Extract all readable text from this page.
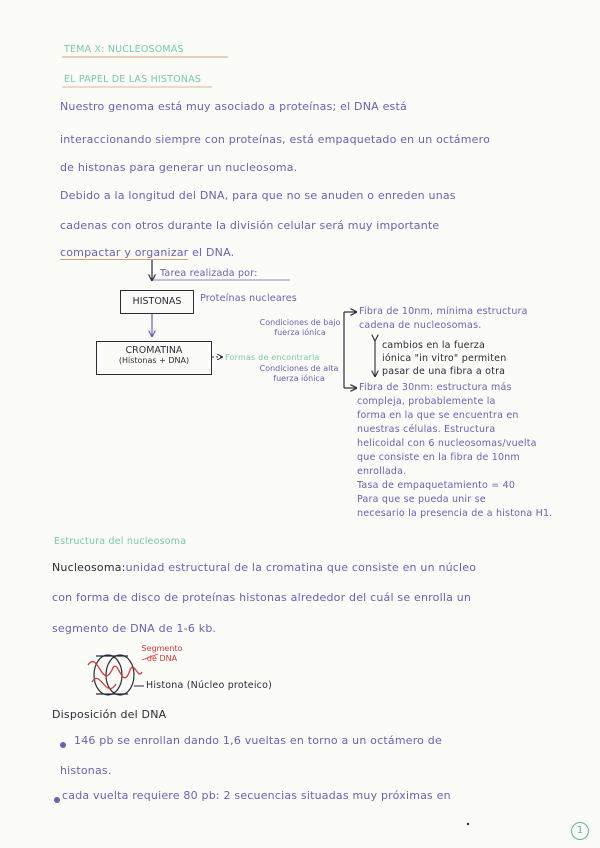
TEMA X: NUCLEOSOMAS
EL PAPEL DE LAS HISTONAS
Nuestro genoma está muy asociado a proteínas; el DNA está
interaccionando siempre con proteínas, está empaquetado en un octámero
de histonas para generar un nucleosoma.
Debido a la longitud del DNA, para que no se anuden o enreden unas
cadenas con otros durante la división celular será muy importante
compactar y organizar el DNA.
Tarea realizada por:
HISTONAS	Proteínas nucleares
CROMATINA
(Histonas + DNA)	Formas de encontrarla
Condiciones de bajo fuerza iónica
Condiciones de alta fuerza iónica
Fibra de 10nm, mínima estructura
cadena de nucleosomas.
cambios en la fuerza
iónica "in vitro" permiten
pasar de una fibra a otra
Fibra de 30nm: estructura más
compleja, probablemente la
forma en la que se encuentra en
nuestras células. Estructura
helicoidal con 6 nucleosomas/vuelta
que consiste en la fibra de 10nm
enrollada.
Tasa de empaquetamiento = 40
Para que se pueda unir se
necesario la presencia de a histona H1.
Estructura del nucleosoma
Nucleosoma:unidad estructural de la cromatina que consiste en un núcleo
con forma de disco de proteínas histonas alrededor del cuál se enrolla un
segmento de DNA de 1-6 kb.
Segmento de DNA
Histona (Núcleo proteico)
Disposición del DNA
146 pb se enrollan dando 1,6 vueltas en torno a un octámero de
histonas.
cada vuelta requiere 80 pb: 2 secuencias situadas muy próximas en
1
